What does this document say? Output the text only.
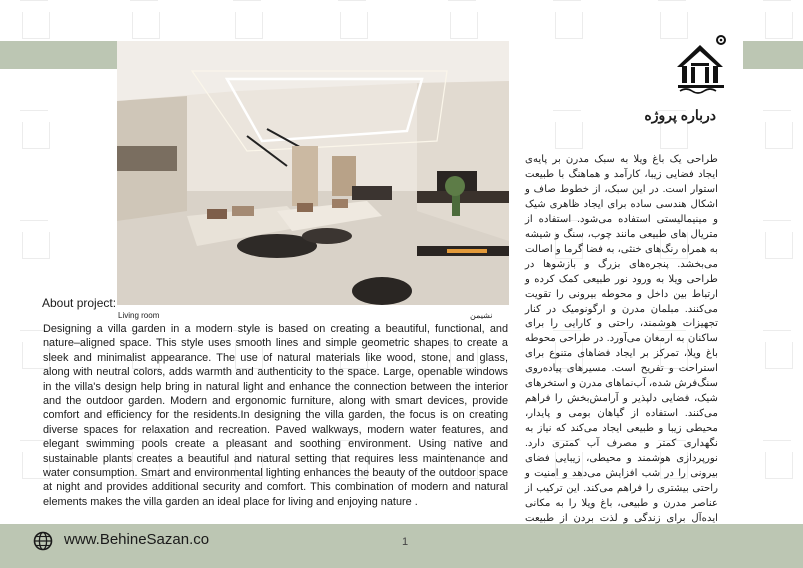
درباره پروژه
طراحی یک باغ ویلا به سبک مدرن بر پایه‌ی ایجاد فضایی زیبا، کارآمد و هماهنگ با طبیعت استوار است. در این سبک، از خطوط صاف و اشکال هندسی ساده برای ایجاد ظاهری شیک و مینیمالیستی استفاده می‌شود. استفاده از متریال های طبیعی مانند چوب، سنگ و شیشه به همراه رنگ‌های خنثی، به فضا گرما و اصالت می‌بخشد. پنجره‌های بزرگ و بازشوها در طراحی ویلا به ورود نور طبیعی کمک کرده و ارتباط بین داخل و محوطه بیرونی را تقویت می‌کنند. مبلمان مدرن و ارگونومیک در کنار تجهیزات هوشمند، راحتی و کارایی را برای ساکنان به ارمغان می‌آورد. در طراحی محوطه باغ ویلا، تمرکز بر ایجاد فضاهای متنوع برای استراحت و تفریح است. مسیرهای پیاده‌روی سنگ‌فرش شده، آب‌نماهای مدرن و استخرهای شیک، فضایی دلپذیر و آرامش‌بخش را فراهم می‌کنند. استفاده از گیاهان بومی و پایدار، محیطی زیبا و طبیعی ایجاد می‌کند که نیاز به نگهداری کمتر و مصرف آب کمتری دارد. نورپردازی هوشمند و محیطی، زیبایی فضای بیرونی را در شب افزایش می‌دهد و امنیت و راحتی بیشتری را فراهم می‌کند. این ترکیب از عناصر مدرن و طبیعی، باغ ویلا را به مکانی ایده‌آل برای زندگی و لذت بردن از طبیعت
About project:
Living room	نشیمن
Designing a villa garden in a modern style is based on creating a beautiful, functional, and nature–aligned space. This style uses smooth lines and simple geometric shapes to create a sleek and minimalist appearance. The use of natural materials like wood, stone, and glass, along with neutral colors, adds warmth and authenticity to the space. Large, openable windows in the villa's design help bring in natural light and enhance the connection between the interior and the outdoor garden. Modern and ergonomic furniture, along with smart devices, provide comfort and efficiency for the residents.In designing the villa garden, the focus is on creating diverse spaces for relaxation and recreation. Paved walkways, modern water features, and elegant swimming pools create a pleasant and soothing environment. Using native and sustainable plants creates a beautiful and natural setting that requires less maintenance and water consumption. Smart and environmental lighting enhances the beauty of the outdoor space at night and provides additional security and comfort. This combination of modern and natural elements makes the villa garden an ideal place for living and enjoying nature .
www.BehineSazan.co	1
